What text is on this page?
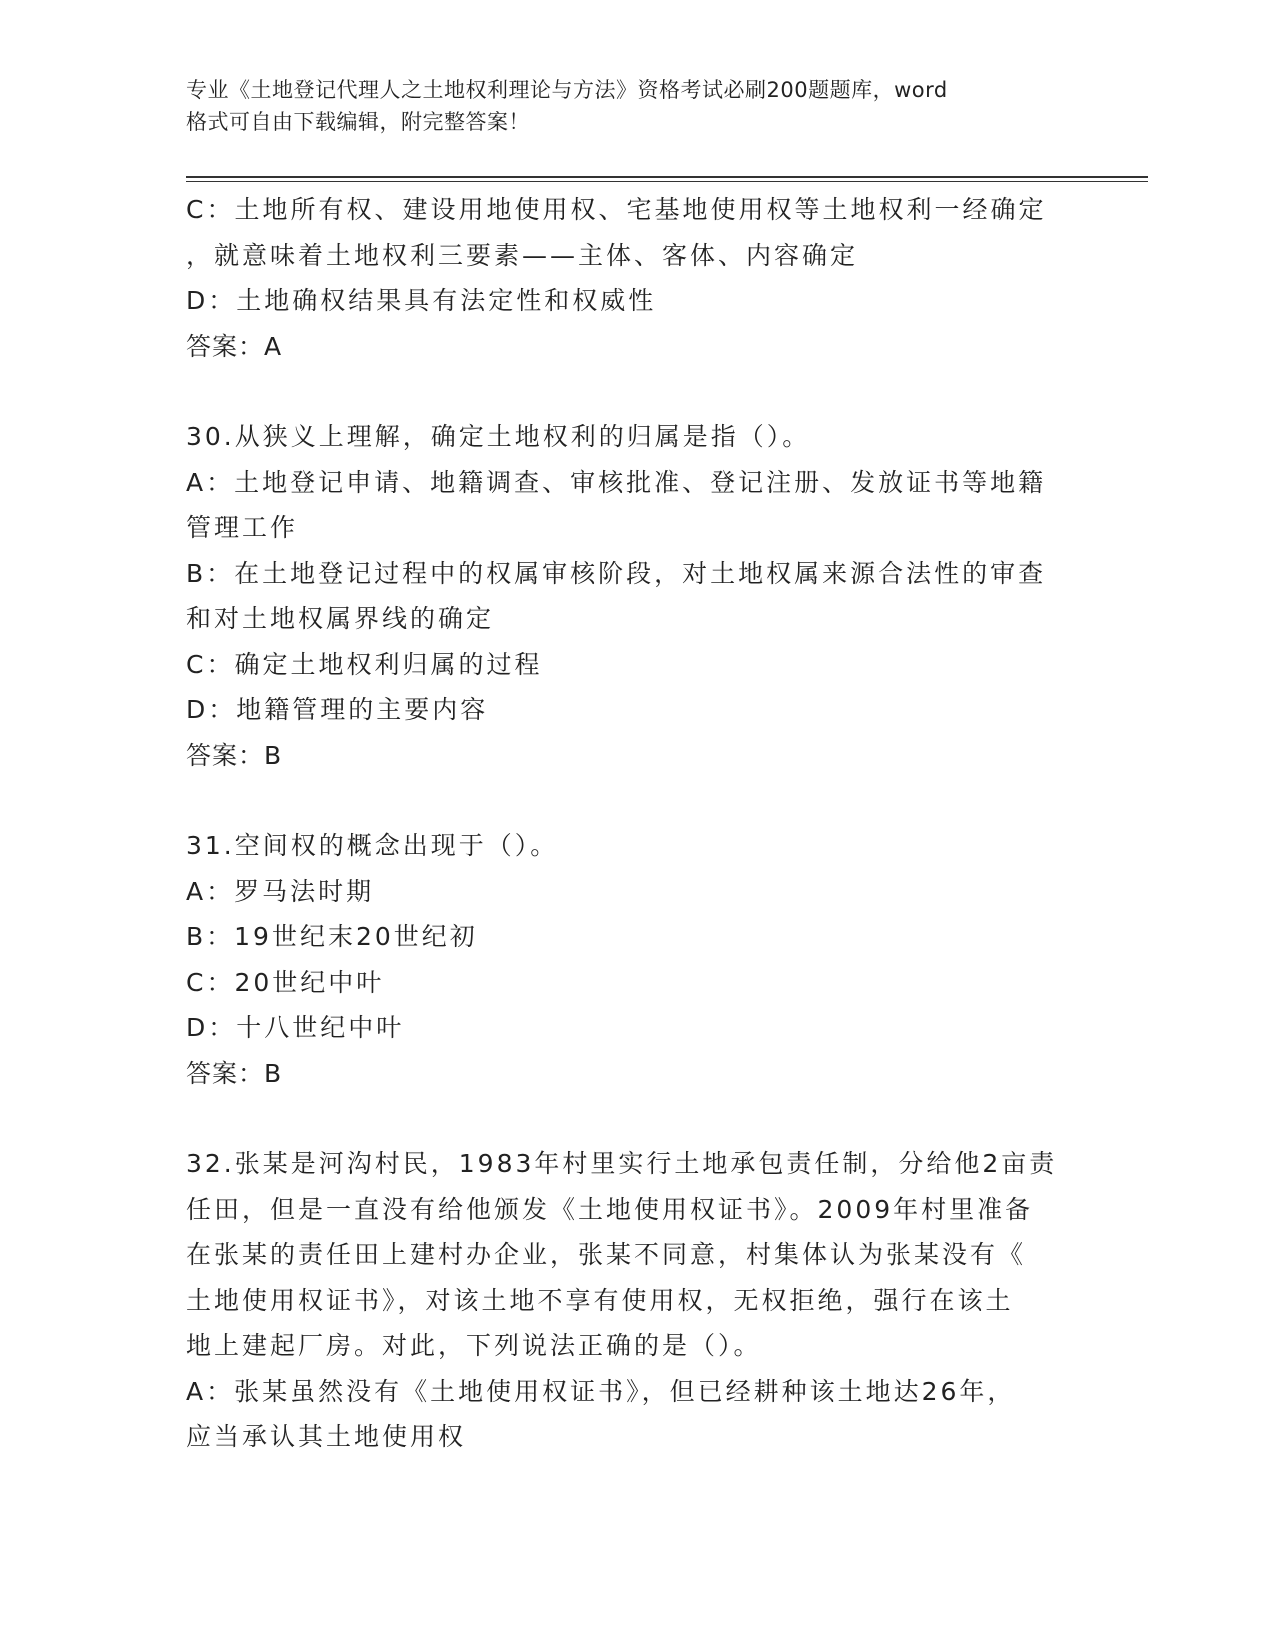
专业《土地登记代理人之土地权利理论与方法》资格考试必刷200题题库，word
格式可自由下载编辑，附完整答案！
C：土地所有权、建设用地使用权、宅基地使用权等土地权利一经确定
，就意味着土地权利三要素——主体、客体、内容确定
D：土地确权结果具有法定性和权威性
答案：A
30.从狭义上理解，确定土地权利的归属是指（）。
A：土地登记申请、地籍调查、审核批准、登记注册、发放证书等地籍
管理工作
B：在土地登记过程中的权属审核阶段，对土地权属来源合法性的审查
和对土地权属界线的确定
C：确定土地权利归属的过程
D：地籍管理的主要内容
答案：B
31.空间权的概念出现于（）。
A：罗马法时期
B：19世纪末20世纪初
C：20世纪中叶
D：十八世纪中叶
答案：B
32.张某是河沟村民，1983年村里实行土地承包责任制，分给他2亩责
任田，但是一直没有给他颁发《土地使用权证书》。2009年村里准备
在张某的责任田上建村办企业，张某不同意，村集体认为张某没有《
土地使用权证书》，对该土地不享有使用权，无权拒绝，强行在该土
地上建起厂房。对此，下列说法正确的是（）。
A：张某虽然没有《土地使用权证书》，但已经耕种该土地达26年，
应当承认其土地使用权
